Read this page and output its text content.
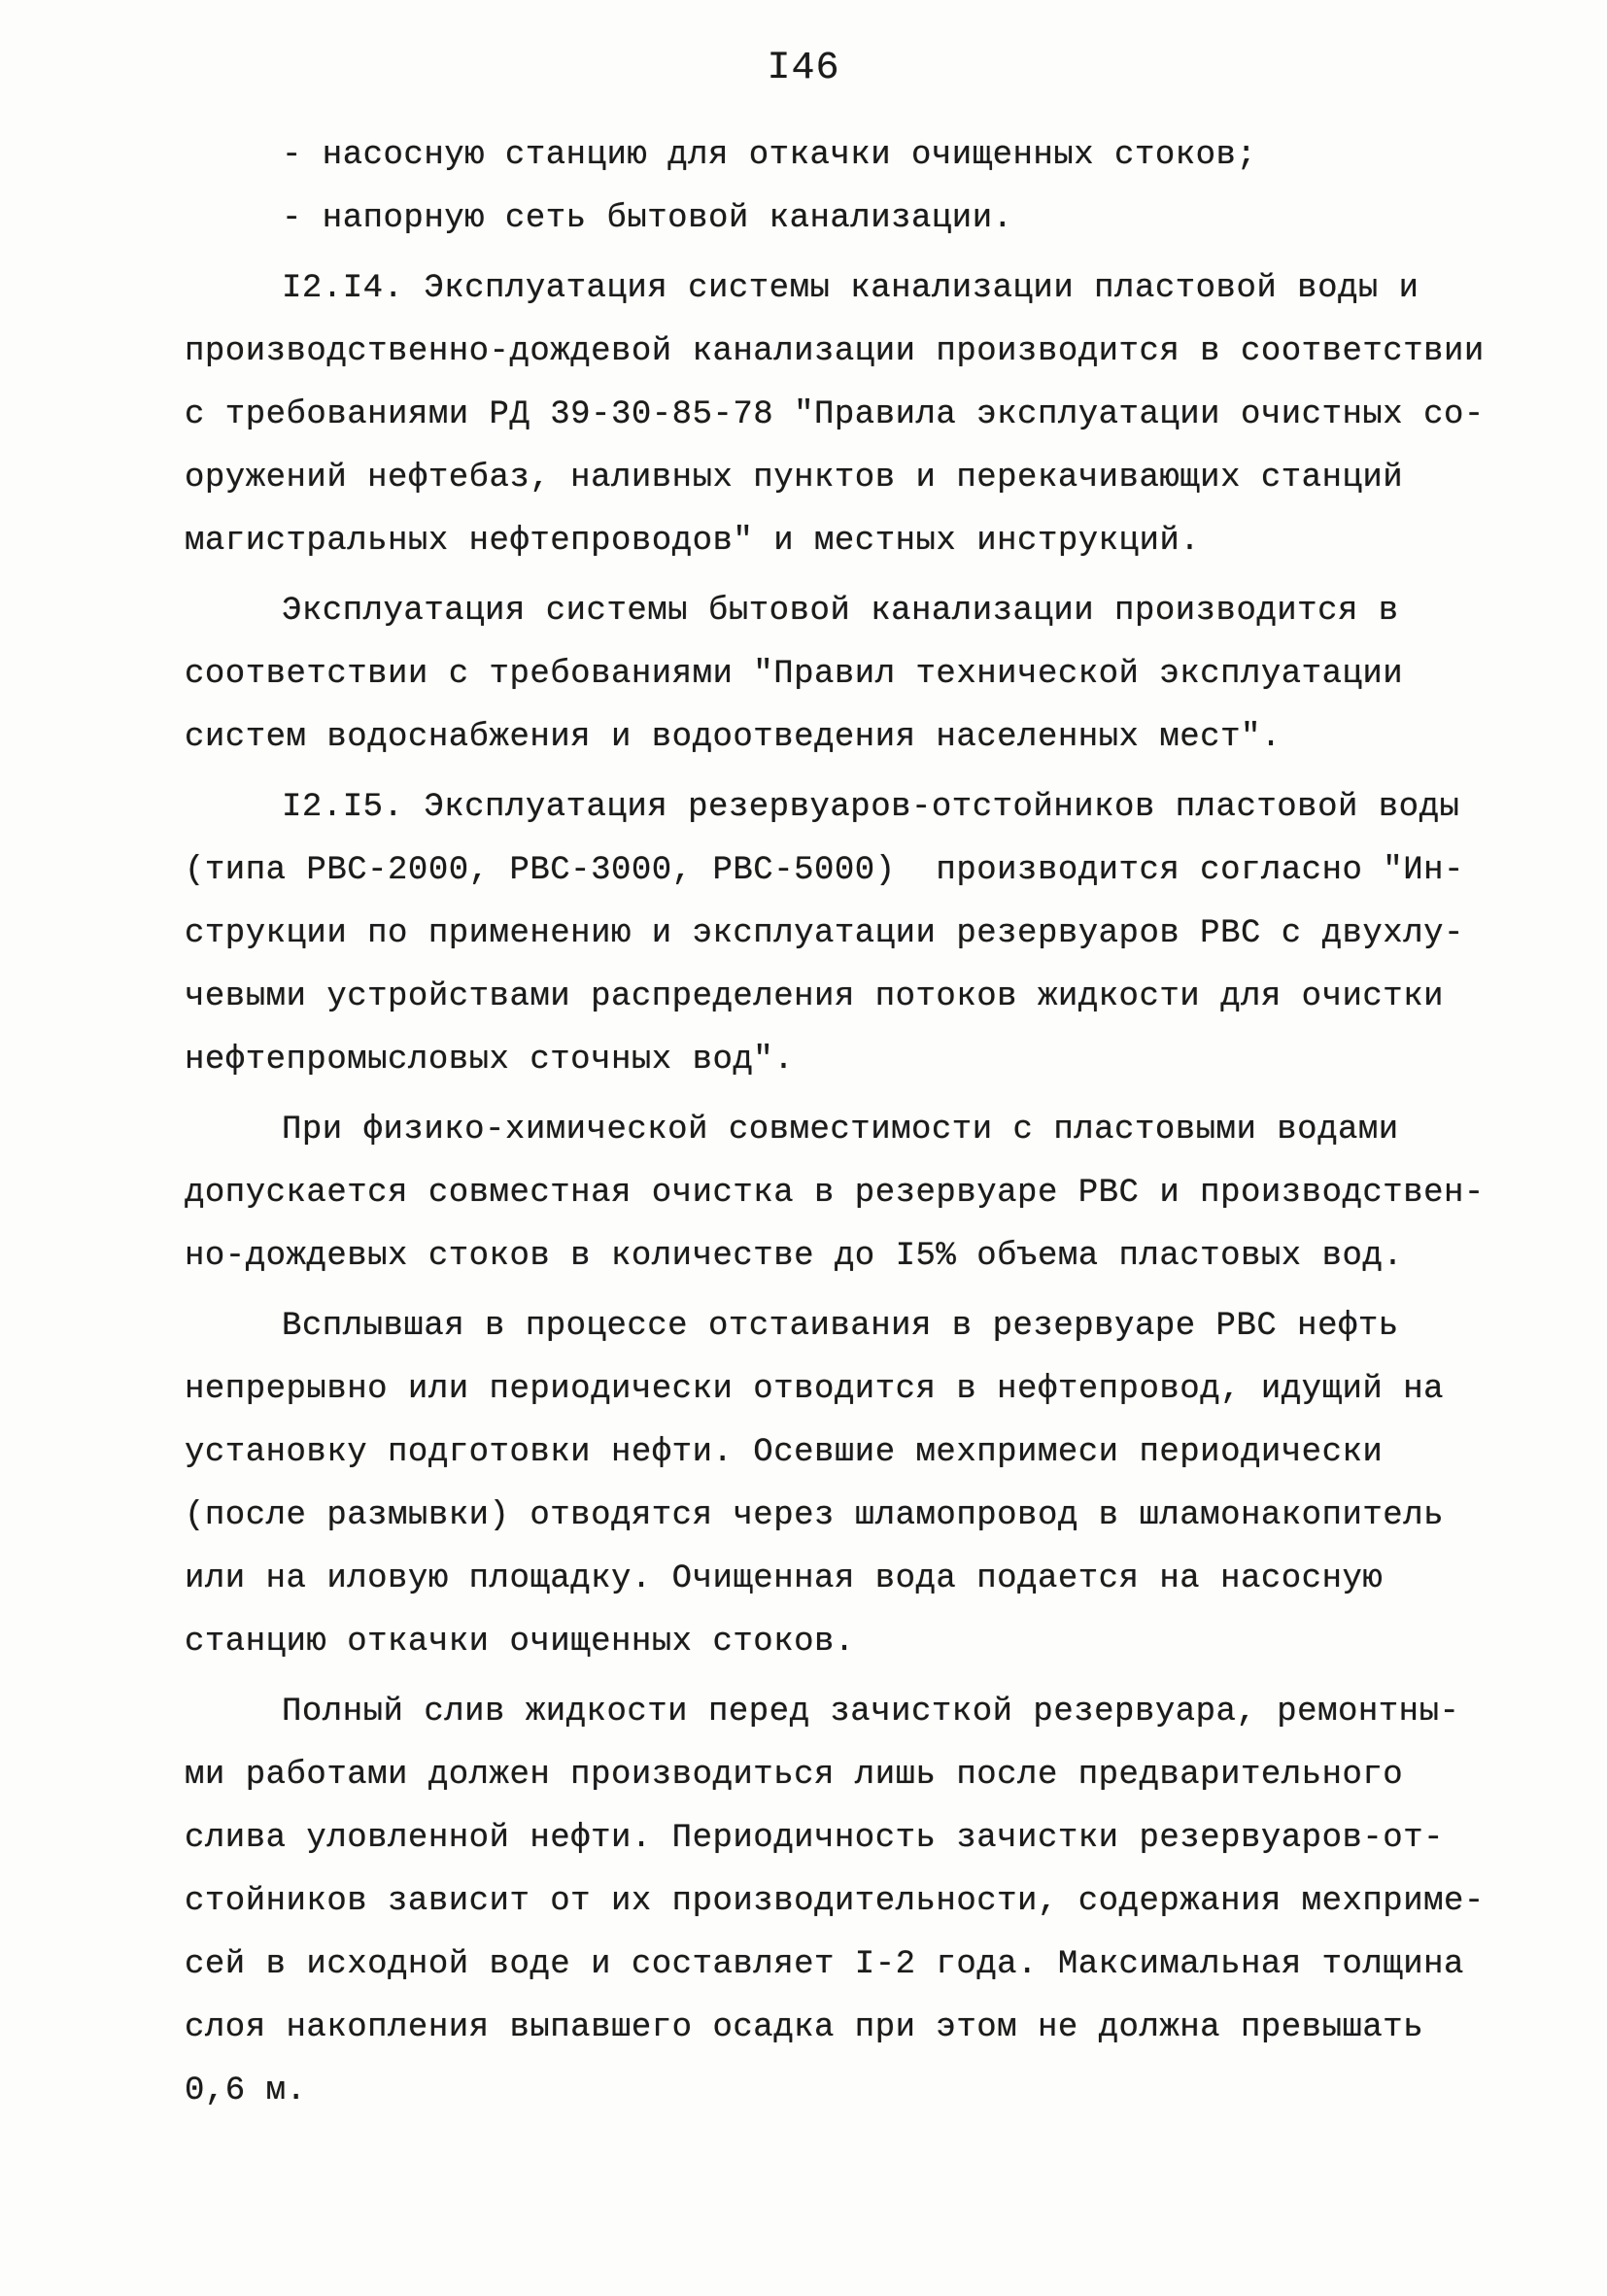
I46
- насосную станцию для откачки очищенных стоков;
- напорную сеть бытовой канализации.
I2.I4. Эксплуатация системы канализации пластовой воды и
производственно-дождевой канализации производится в соответствии
с требованиями РД 39-30-85-78 "Правила эксплуатации очистных со-
оружений нефтебаз, наливных пунктов и перекачивающих станций
магистральных нефтепроводов" и местных инструкций.
Эксплуатация системы бытовой канализации производится в
соответствии с требованиями "Правил технической эксплуатации
систем водоснабжения и водоотведения населенных мест".
I2.I5. Эксплуатация резервуаров-отстойников пластовой воды
(типа РВС-2000, РВС-3000, РВС-5000)  производится согласно "Ин-
струкции по применению и эксплуатации резервуаров РВС с двухлу-
чевыми устройствами распределения потоков жидкости для очистки
нефтепромысловых сточных вод".
При физико-химической совместимости с пластовыми водами
допускается совместная очистка в резервуаре РВС и производствен-
но-дождевых стоков в количестве до I5% объема пластовых вод.
Всплывшая в процессе отстаивания в резервуаре РВС нефть
непрерывно или периодически отводится в нефтепровод, идущий на
установку подготовки нефти. Осевшие мехпримеси периодически
(после размывки) отводятся через шламопровод в шламонакопитель
или на иловую площадку. Очищенная вода подается на насосную
станцию откачки очищенных стоков.
Полный слив жидкости перед зачисткой резервуара, ремонтны-
ми работами должен производиться лишь после предварительного
слива уловленной нефти. Периодичность зачистки резервуаров-от-
стойников зависит от их производительности, содержания мехприме-
сей в исходной воде и составляет I-2 года. Максимальная толщина
слоя накопления выпавшего осадка при этом не должна превышать
0,6 м.
